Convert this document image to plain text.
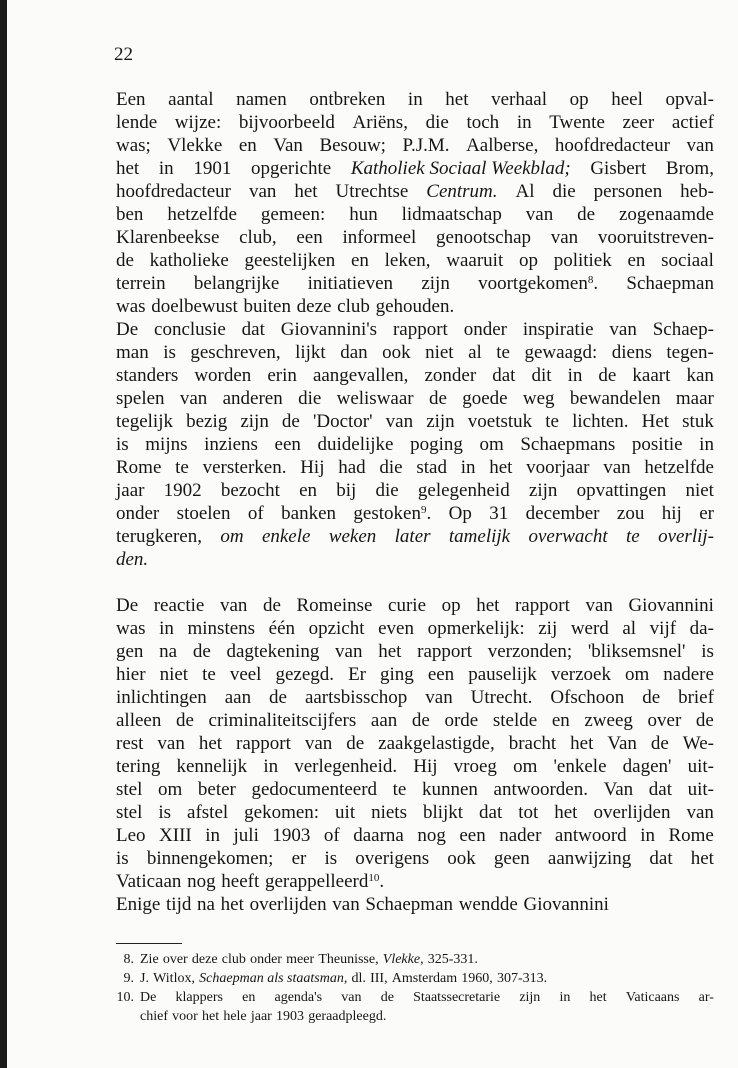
22
Een aantal namen ontbreken in het verhaal op heel opval-
lende wijze: bijvoorbeeld Ariëns, die toch in Twente zeer actief
was; Vlekke en Van Besouw; P.J.M. Aalberse, hoofdredacteur van
het in 1901 opgerichte Katholiek Sociaal Weekblad; Gisbert Brom,
hoofdredacteur van het Utrechtse Centrum. Al die personen heb-
ben hetzelfde gemeen: hun lidmaatschap van de zogenaamde
Klarenbeekse club, een informeel genootschap van vooruitstreven-
de katholieke geestelijken en leken, waaruit op politiek en sociaal
terrein belangrijke initiatieven zijn voortgekomen$^8$. Schaepman
was doelbewust buiten deze club gehouden.
De conclusie dat Giovannini's rapport onder inspiratie van Schaep-
man is geschreven, lijkt dan ook niet al te gewaagd: diens tegen-
standers worden erin aangevallen, zonder dat dit in de kaart kan
spelen van anderen die weliswaar de goede weg bewandelen maar
tegelijk bezig zijn de 'Doctor' van zijn voetstuk te lichten. Het stuk
is mijns inziens een duidelijke poging om Schaepmans positie in
Rome te versterken. Hij had die stad in het voorjaar van hetzelfde
jaar 1902 bezocht en bij die gelegenheid zijn opvattingen niet
onder stoelen of banken gestoken$^9$. Op 31 december zou hij er
terugkeren, om enkele weken later tamelijk overwacht te overlij-
den.
De reactie van de Romeinse curie op het rapport van Giovannini
was in minstens één opzicht even opmerkelijk: zij werd al vijf da-
gen na de dagtekening van het rapport verzonden; 'bliksemsnel' is
hier niet te veel gezegd. Er ging een pauselijk verzoek om nadere
inlichtingen aan de aartsbisschop van Utrecht. Ofschoon de brief
alleen de criminaliteitscijfers aan de orde stelde en zweeg over de
rest van het rapport van de zaakgelastigde, bracht het Van de We-
tering kennelijk in verlegenheid. Hij vroeg om 'enkele dagen' uit-
stel om beter gedocumenteerd te kunnen antwoorden. Van dat uit-
stel is afstel gekomen: uit niets blijkt dat tot het overlijden van
Leo XIII in juli 1903 of daarna nog een nader antwoord in Rome
is binnengekomen; er is overigens ook geen aanwijzing dat het
Vaticaan nog heeft gerappelleerd$^{10}$.
Enige tijd na het overlijden van Schaepman wendde Giovannini
8. Zie over deze club onder meer Theunisse, Vlekke, 325-331.
9. J. Witlox, Schaepman als staatsman, dl. III, Amsterdam 1960, 307-313.
10. De klappers en agenda's van de Staatssecretarie zijn in het Vaticaans ar-
chief voor het hele jaar 1903 geraadpleegd.
